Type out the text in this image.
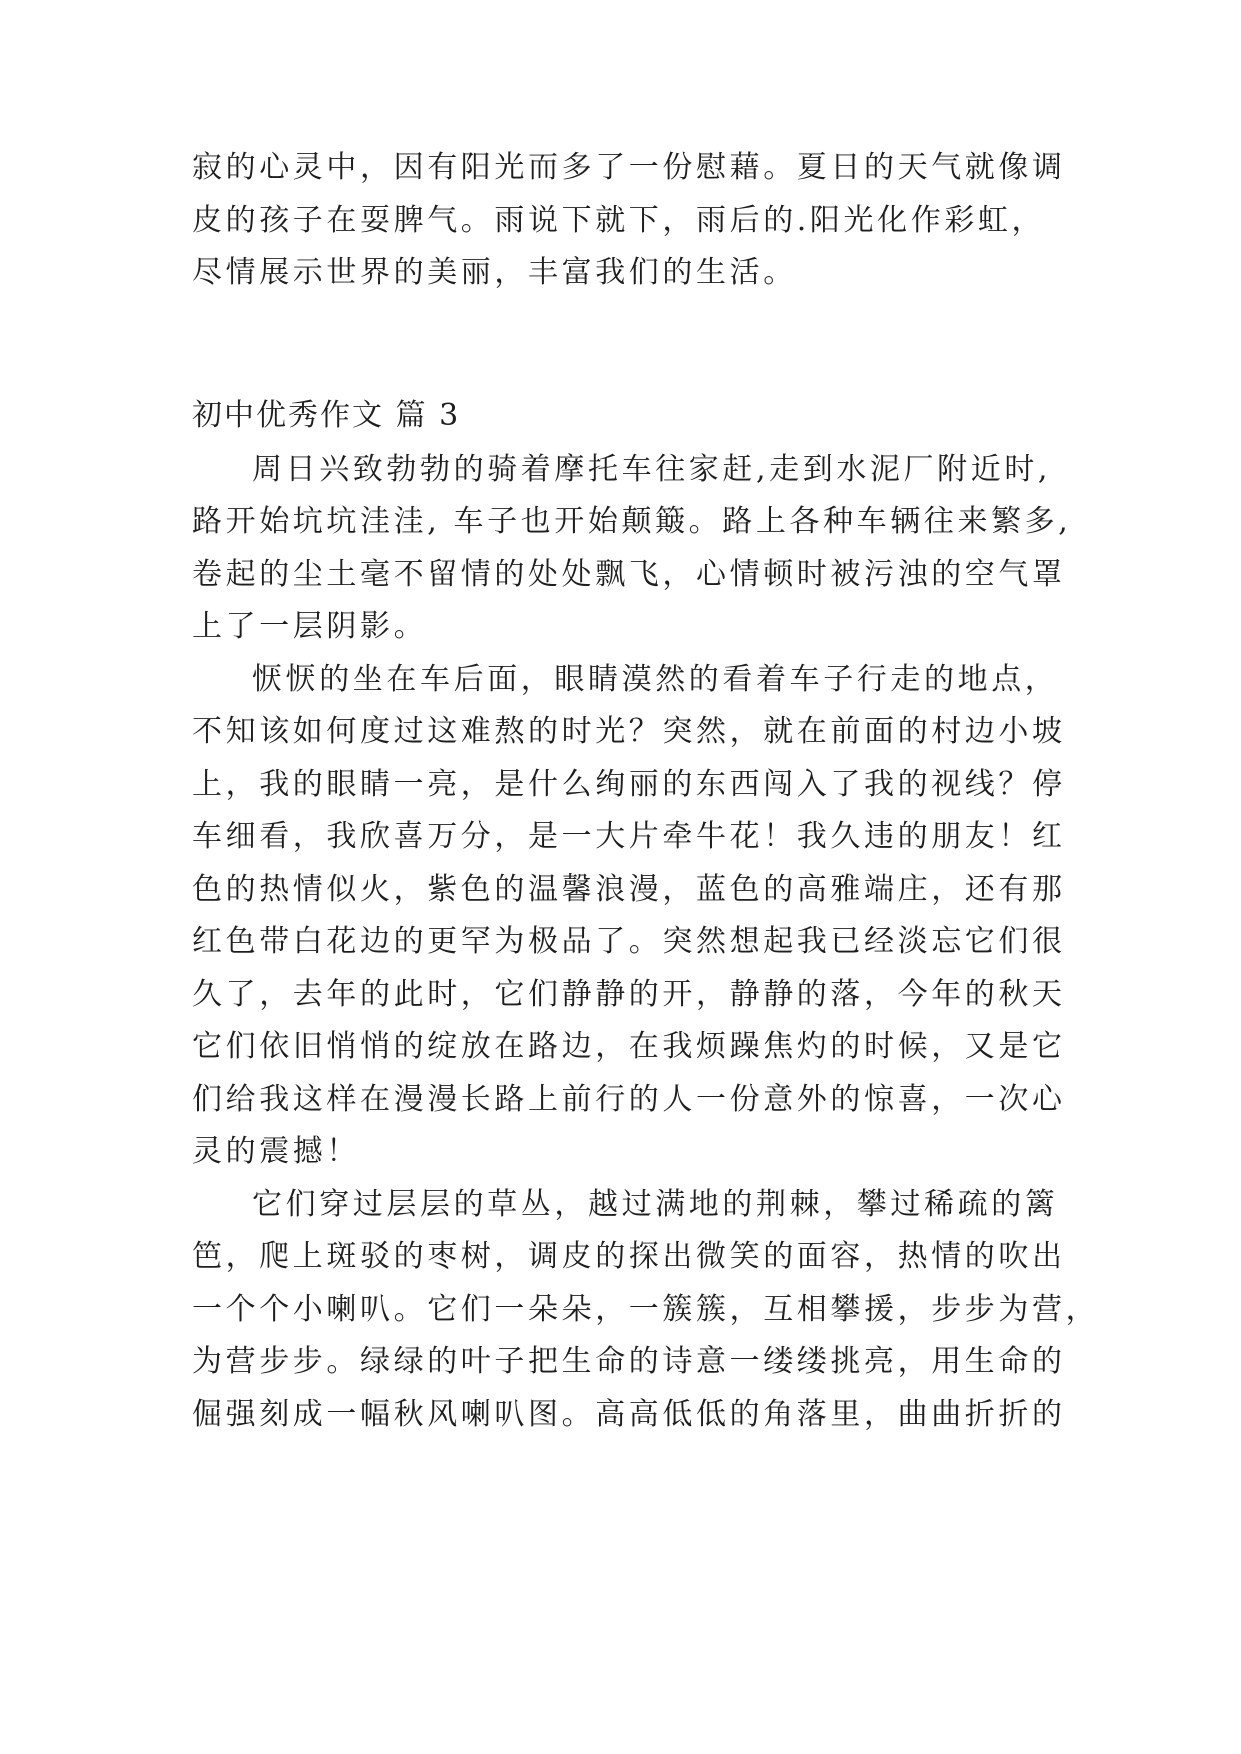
寂的心灵中，因有阳光而多了一份慰藉。夏日的天气就像调
皮的孩子在耍脾气。雨说下就下，雨后的.阳光化作彩虹，
尽情展示世界的美丽，丰富我们的生活。
初中优秀作文 篇 3
周日兴致勃勃的骑着摩托车往家赶,走到水泥厂附近时,
路开始坑坑洼洼, 车子也开始颠簸。路上各种车辆往来繁多,
卷起的尘土毫不留情的处处飘飞，心情顿时被污浊的空气罩
上了一层阴影。
恹恹的坐在车后面，眼睛漠然的看着车子行走的地点，
不知该如何度过这难熬的时光？突然，就在前面的村边小坡
上，我的眼睛一亮，是什么绚丽的东西闯入了我的视线？停
车细看，我欣喜万分，是一大片牵牛花！我久违的朋友！红
色的热情似火，紫色的温馨浪漫，蓝色的高雅端庄，还有那
红色带白花边的更罕为极品了。突然想起我已经淡忘它们很
久了，去年的此时，它们静静的开，静静的落，今年的秋天
它们依旧悄悄的绽放在路边，在我烦躁焦灼的时候，又是它
们给我这样在漫漫长路上前行的人一份意外的惊喜，一次心
灵的震撼！
它们穿过层层的草丛，越过满地的荆棘，攀过稀疏的篱
笆，爬上斑驳的枣树，调皮的探出微笑的面容，热情的吹出
一个个小喇叭。它们一朵朵，一簇簇，互相攀援，步步为营，
为营步步。绿绿的叶子把生命的诗意一缕缕挑亮，用生命的
倔强刻成一幅秋风喇叭图。高高低低的角落里，曲曲折折的
